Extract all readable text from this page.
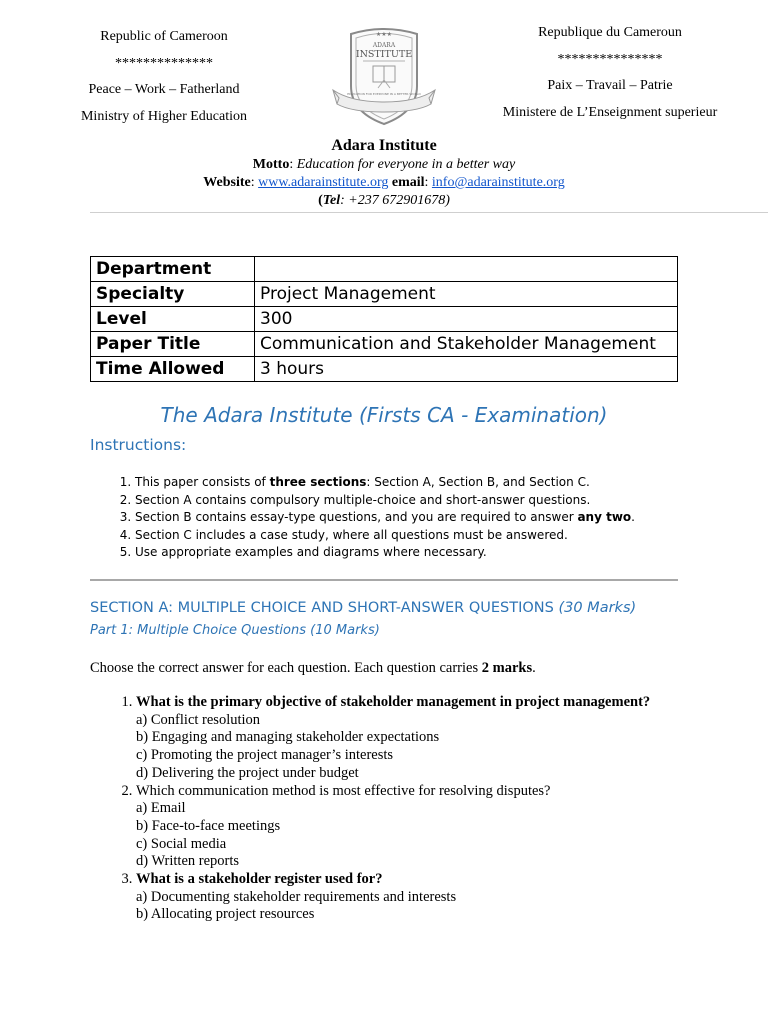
Republic of Cameroon
**************
Peace – Work – Fatherland
Ministry of Higher Education
Republique du Cameroun
***************
Paix – Travail – Patrie
Ministere de L’Enseignment superieur
★★★
ADARA
INSTITUTE
EDUCATION FOR EVERYONE IN A BETTER WORLD
Adara Institute
Motto: Education for everyone in a better way
Website: www.adarainstitute.org email: info@adarainstitute.org
(Tel: +237 672901678)
Department	
Specialty	Project Management
Level	300
Paper Title	Communication and Stakeholder Management
Time Allowed	3 hours
The Adara Institute (Firsts CA - Examination)
Instructions:
1. This paper consists of three sections: Section A, Section B, and Section C.
2. Section A contains compulsory multiple-choice and short-answer questions.
3. Section B contains essay-type questions, and you are required to answer any two.
4. Section C includes a case study, where all questions must be answered.
5. Use appropriate examples and diagrams where necessary.
SECTION A: MULTIPLE CHOICE AND SHORT-ANSWER QUESTIONS (30 Marks)
Part 1: Multiple Choice Questions (10 Marks)
Choose the correct answer for each question. Each question carries 2 marks.
1. What is the primary objective of stakeholder management in project management?
a) Conflict resolution
b) Engaging and managing stakeholder expectations
c) Promoting the project manager’s interests
d) Delivering the project under budget
2. Which communication method is most effective for resolving disputes?
a) Email
b) Face-to-face meetings
c) Social media
d) Written reports
3. What is a stakeholder register used for?
a) Documenting stakeholder requirements and interests
b) Allocating project resources
